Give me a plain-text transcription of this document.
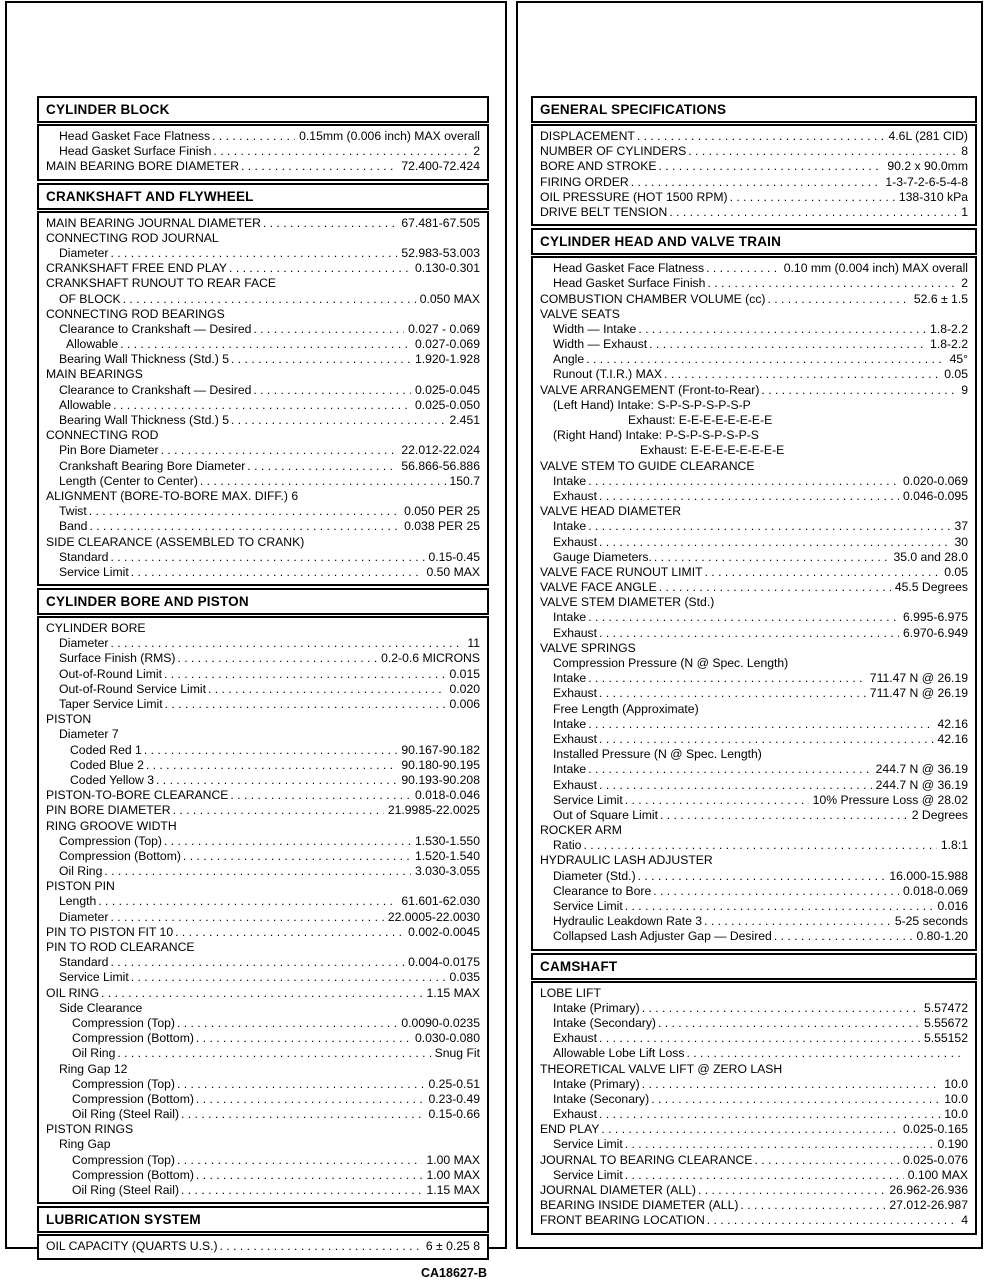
CYLINDER BLOCK
Head Gasket Face Flatness . . .	0.15mm (0.006 inch) MAX overall
Head Gasket Surface Finish . . .	2
MAIN BEARING BORE DIAMETER . . .	72.400-72.424
CRANKSHAFT AND FLYWHEEL
MAIN BEARING JOURNAL DIAMETER . . .	67.481-67.505
CONNECTING ROD JOURNAL
Diameter . . .	52.983-53.003
CRANKSHAFT FREE END PLAY . . .	0.130-0.301
CRANKSHAFT RUNOUT TO REAR FACE
OF BLOCK . . .	0.050 MAX
CONNECTING ROD BEARINGS
Clearance to Crankshaft — Desired . . .	0.027 - 0.069
Allowable . . .	0.027-0.069
Bearing Wall Thickness (Std.) 5 . . .	1.920-1.928
MAIN BEARINGS
Clearance to Crankshaft — Desired . . .	0.025-0.045
Allowable . . .	0.025-0.050
Bearing Wall Thickness (Std.) 5 . . .	2.451
CONNECTING ROD
Pin Bore Diameter . . .	22.012-22.024
Crankshaft Bearing Bore Diameter . . .	56.866-56.886
Length (Center to Center) . . .	150.7
ALIGNMENT (BORE-TO-BORE MAX. DIFF.) 6
Twist . . .	0.050 PER 25
Band . . .	0.038 PER 25
SIDE CLEARANCE (ASSEMBLED TO CRANK)
Standard . . .	0.15-0.45
Service Limit . . .	0.50 MAX
CYLINDER BORE AND PISTON
CYLINDER BORE
Diameter . . .	11
Surface Finish (RMS) . . .	0.2-0.6 MICRONS
Out-of-Round Limit . . .	0.015
Out-of-Round Service Limit . . .	0.020
Taper Service Limit . . .	0.006
PISTON
Diameter 7
Coded Red 1 . . .	90.167-90.182
Coded Blue 2 . . .	90.180-90.195
Coded Yellow 3 . . .	90.193-90.208
PISTON-TO-BORE CLEARANCE . . .	0.018-0.046
PIN BORE DIAMETER . . .	21.9985-22.0025
RING GROOVE WIDTH
Compression (Top) . . .	1.530-1.550
Compression (Bottom) . . .	1.520-1.540
Oil Ring . . .	3.030-3.055
PISTON PIN
Length . . .	61.601-62.030
Diameter . . .	22.0005-22.0030
PIN TO PISTON FIT 10 . . .	0.002-0.0045
PIN TO ROD CLEARANCE
Standard . . .	0.004-0.0175
Service Limit . . .	0.035
OIL RING . . .	1.15 MAX
Side Clearance
Compression (Top) . . .	0.0090-0.0235
Compression (Bottom) . . .	0.030-0.080
Oil Ring . . .	Snug Fit
Ring Gap 12
Compression (Top) . . .	0.25-0.51
Compression (Bottom) . . .	0.23-0.49
Oil Ring (Steel Rail) . . .	0.15-0.66
PISTON RINGS
Ring Gap
Compression (Top) . . .	1.00 MAX
Compression (Bottom) . . .	1.00 MAX
Oil Ring (Steel Rail) . . .	1.15 MAX
LUBRICATION SYSTEM
OIL CAPACITY (QUARTS U.S.) . . .	6 ± 0.25 8
CA18627-B
GENERAL SPECIFICATIONS
DISPLACEMENT . . .	4.6L (281 CID)
NUMBER OF CYLINDERS . . .	8
BORE AND STROKE . . .	90.2 x 90.0mm
FIRING ORDER . . .	1-3-7-2-6-5-4-8
OIL PRESSURE (HOT 1500 RPM) . . .	138-310 kPa
DRIVE BELT TENSION . . .	1
CYLINDER HEAD AND VALVE TRAIN
Head Gasket Face Flatness . . .	0.10 mm (0.004 inch) MAX overall
Head Gasket Surface Finish . . .	2
COMBUSTION CHAMBER VOLUME (cc) . . .	52.6 ± 1.5
VALVE SEATS
Width — Intake . . .	1.8-2.2
Width — Exhaust . . .	1.8-2.2
Angle . . .	45°
Runout (T.I.R.) MAX . . .	0.05
VALVE ARRANGEMENT (Front-to-Rear) . . .	9
(Left Hand) Intake: S-P-S-P-S-P-S-P
Exhaust: E-E-E-E-E-E-E-E
(Right Hand) Intake: P-S-P-S-P-S-P-S
Exhaust: E-E-E-E-E-E-E-E
VALVE STEM TO GUIDE CLEARANCE
Intake . . .	0.020-0.069
Exhaust . . .	0.046-0.095
VALVE HEAD DIAMETER
Intake . . .	37
Exhaust . . .	30
Gauge Diameters. . . .	35.0 and 28.0
VALVE FACE RUNOUT LIMIT . . .	0.05
VALVE FACE ANGLE . . .	45.5 Degrees
VALVE STEM DIAMETER (Std.)
Intake . . .	6.995-6.975
Exhaust . . .	6.970-6.949
VALVE SPRINGS
Compression Pressure (N @ Spec. Length)
Intake . . .	711.47 N @ 26.19
Exhaust . . .	711.47 N @ 26.19
Free Length (Approximate)
Intake . . .	42.16
Exhaust . . .	42.16
Installed Pressure (N @ Spec. Length)
Intake . . .	244.7 N @ 36.19
Exhaust . . .	244.7 N @ 36.19
Service Limit . . .	10% Pressure Loss @ 28.02
Out of Square Limit . . .	2 Degrees
ROCKER ARM
Ratio . . .	1.8:1
HYDRAULIC LASH ADJUSTER
Diameter (Std.) . . .	16.000-15.988
Clearance to Bore . . .	0.018-0.069
Service Limit . . .	0.016
Hydraulic Leakdown Rate 3 . . .	5-25 seconds
Collapsed Lash Adjuster Gap — Desired . . .	0.80-1.20
CAMSHAFT
LOBE LIFT
Intake (Primary) . . .	5.57472
Intake (Secondary) . . .	5.55672
Exhaust . . .	5.55152
Allowable Lobe Lift Loss
. . .
THEORETICAL VALVE LIFT @ ZERO LASH
Intake (Primary) . . .	10.0
Intake (Seconary) . . .	10.0
Exhaust . . .	10.0
END PLAY . . .	0.025-0.165
Service Limit . . .	0.190
JOURNAL TO BEARING CLEARANCE . . .	0.025-0.076
Service Limit . . .	0.100 MAX
JOURNAL DIAMETER (ALL) . . .	26.962-26.936
BEARING INSIDE DIAMETER (ALL) . . .	27.012-26.987
FRONT BEARING LOCATION . . .	4
